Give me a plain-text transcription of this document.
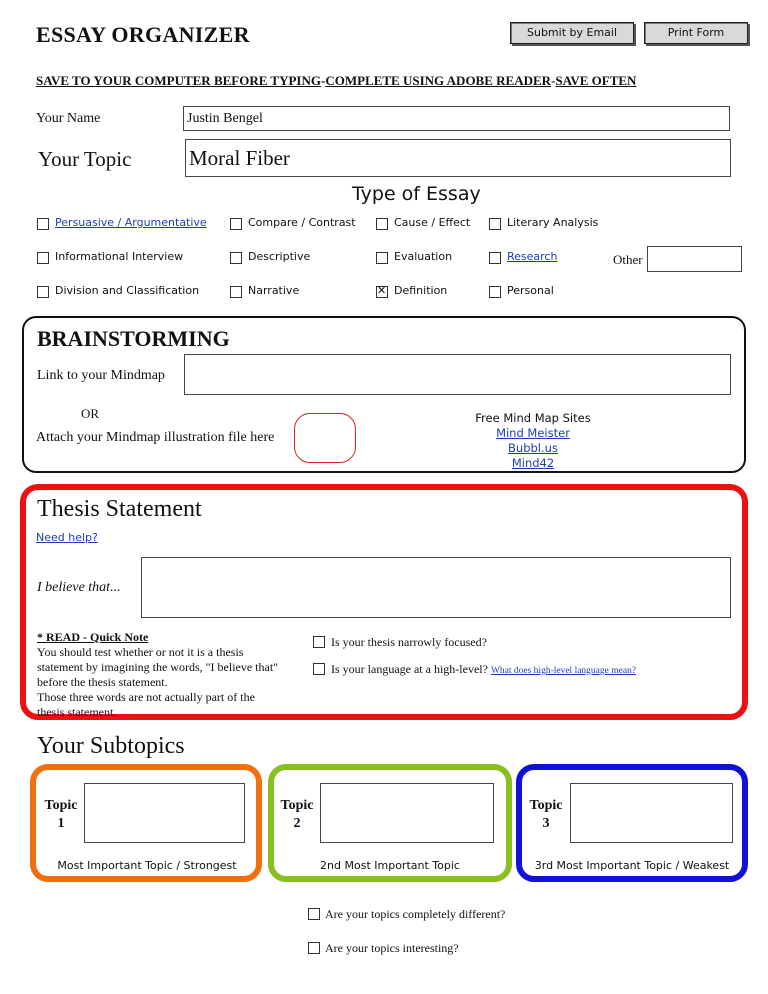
ESSAY ORGANIZER	Submit by Email	Print Form
SAVE TO YOUR COMPUTER BEFORE TYPING-COMPLETE USING ADOBE READER-SAVE OFTEN
Your Name	Justin Bengel
Your Topic	Moral Fiber
Type of Essay
Persuasive / Argumentative	Compare / Contrast	Cause / Effect	Literary Analysis
Informational Interview	Descriptive	Evaluation	Research
Division and Classification	Narrative
✕	Definition	Personal
Other
BRAINSTORMING
Link to your Mindmap
OR
Attach your Mindmap illustration file here
Free Mind Map Sites
Mind Meister
Bubbl.us
Mind42
Thesis Statement
Need help?
I believe that...
* READ - Quick Note
You should test whether or not it is a thesis
statement by imagining the words, "I believe that"
before the thesis statement.
Those three words are not actually part of the
thesis statement.
Is your thesis narrowly focused?
Is your language at a high-level? What does high-level language mean?
Your Subtopics
Topic
1
Most Important Topic / Strongest
Topic
2
2nd Most Important Topic
Topic
3
3rd Most Important Topic / Weakest
Are your topics completely different?
Are your topics interesting?
